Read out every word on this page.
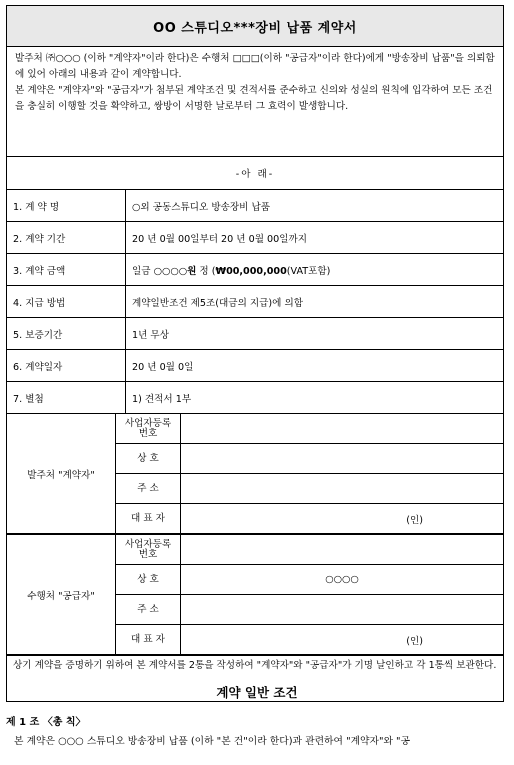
OO 스튜디오***장비 납품 계약서

발주처 ㈜○○○ (이하 "계약자"이라 한다)은 수행처 □□□(이하 "공급자"이라 한다)에게 "방송장비 납품"을 의뢰함에 있어 아래의 내용과 같이 계약합니다.

본 계약은 "계약자"와 "공급자"가 첨부된 계약조건 및 견적서를 준수하고 신의와 성실의 원칙에 입각하여 모든 조건을 충실히 이행할 것을 확약하고, 쌍방이 서명한 날로부터 그 효력이 발생합니다.

-아 래-
1. 계 약 명	○외 공동스튜디오 방송장비 납품
2. 계약 기간	20 년 0월 00일부터 20 년 0월 00일까지
3. 계약 금액	일금 ○○○○원 정 (₩00,000,000(VAT포함)
4. 지급 방법	계약일반조건 제5조(대금의 지급)에 의함
5. 보증기간	1년 무상
6. 계약일자	20 년 0월 0일
7. 별첨	1) 견적서 1부
발주처 "계약자"	사업자등록
번호	
	상 호	
	주 소	
	대 표 자	(인)
수행처 "공급자"	사업자등록
번호	
	상 호	○○○○
	주 소	
	대 표 자	(인)
상기 계약을 증명하기 위하여 본 계약서를 2통을 작성하여 "계약자"와 "공급자"가 기명 날인하고 각 1통씩 보관한다.
계약 일반 조건
제 1 조 〈총 칙〉
본 계약은 ○○○ 스튜디오 방송장비 납품 (이하 "본 건"이라 한다)과 관련하여 "계약자"와 "공
